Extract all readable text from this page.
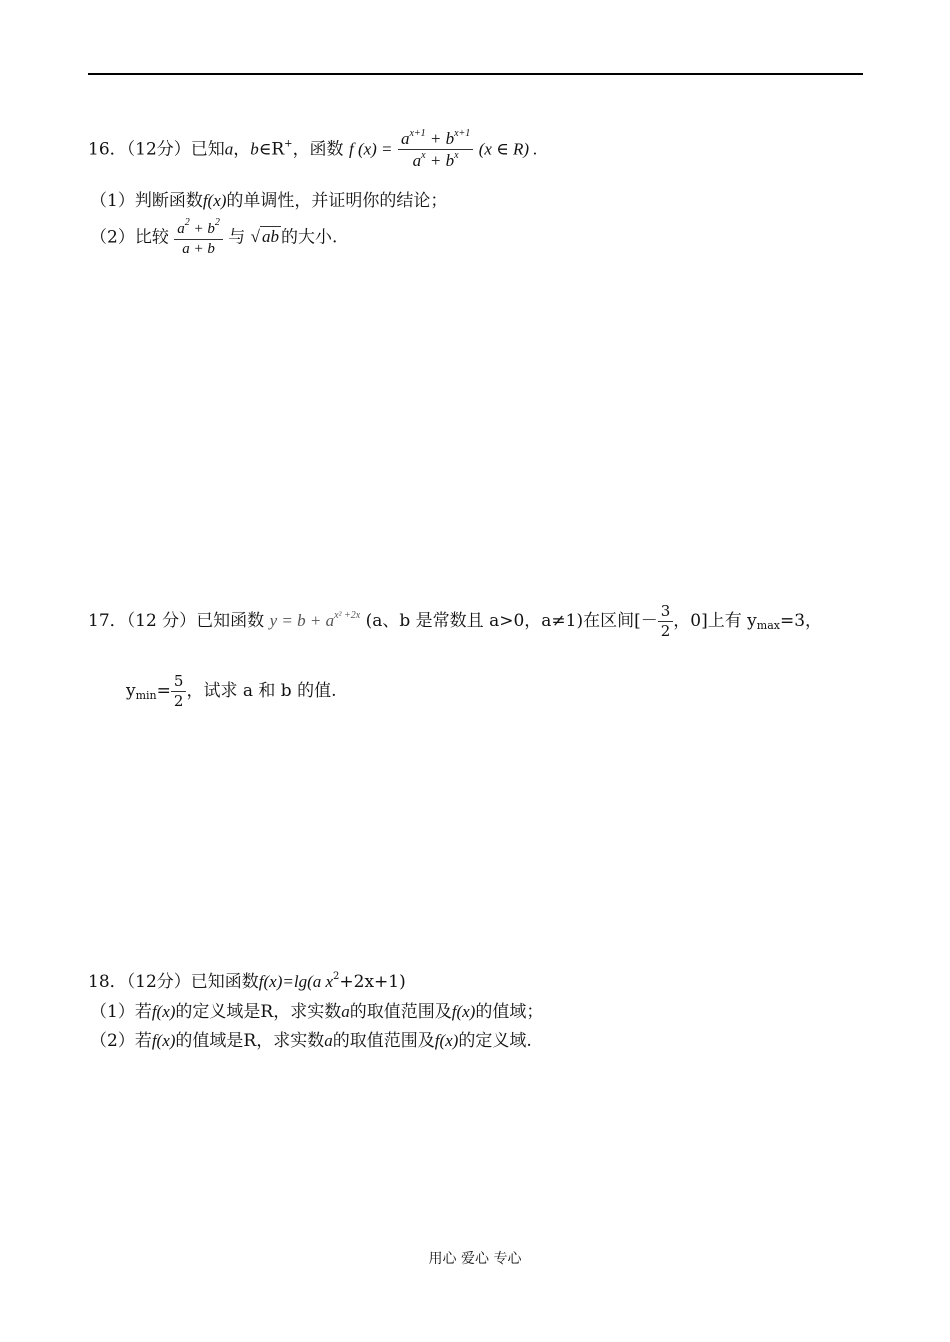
16．（12分）已知a，b∈R+，函数 f $(x) = \frac{a^{x+1} + b^{x+1}}{a^x + b^x} (x$ ∈ R) .
（1）判断函数f(x)的单调性，并证明你的结论；
（2）比较 $\frac{a^2 + b^2}{a + b}$ 与 √ ab 的大小.
17．（12 分）已知函数 $y = b + a^{x^2 +2x}$ (a、b 是常数且 a>0，a≠1)在区间[－ $\frac{3}{2}$ ，0]上有 $y_{max}=3$，
$y_{min}= \frac{5}{2}$ ，试求 a 和 b 的值.
18．（12分）已知函数f(x)=lg(a $x^2+2x+1$)
（1）若f(x)的定义域是R，求实数a的取值范围及f(x)的值域；
（2）若f(x)的值域是R，求实数a的取值范围及f(x)的定义域.
用心 爱心 专心
